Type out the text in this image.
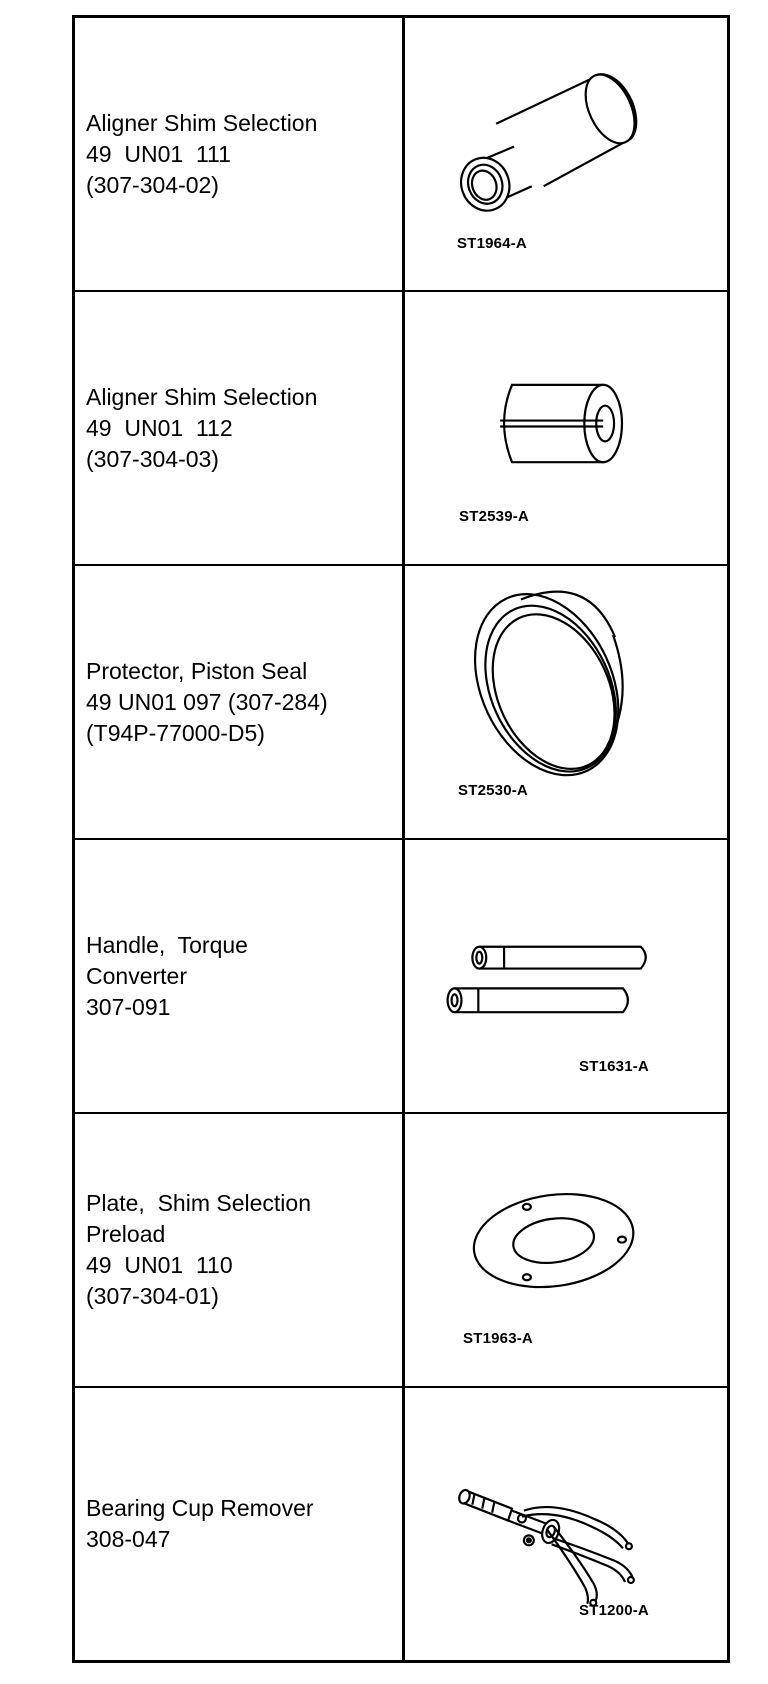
Aligner Shim Selection
49  UN01  111
(307-304-02)
ST1964-A
Aligner Shim Selection
49  UN01  112
(307-304-03)
ST2539-A
Protector, Piston Seal
49 UN01 097 (307-284)
(T94P-77000-D5)
ST2530-A
Handle,  Torque
Converter
307-091
ST1631-A
Plate,  Shim Selection
Preload
49  UN01  110
(307-304-01)
ST1963-A
Bearing Cup Remover
308-047
ST1200-A
